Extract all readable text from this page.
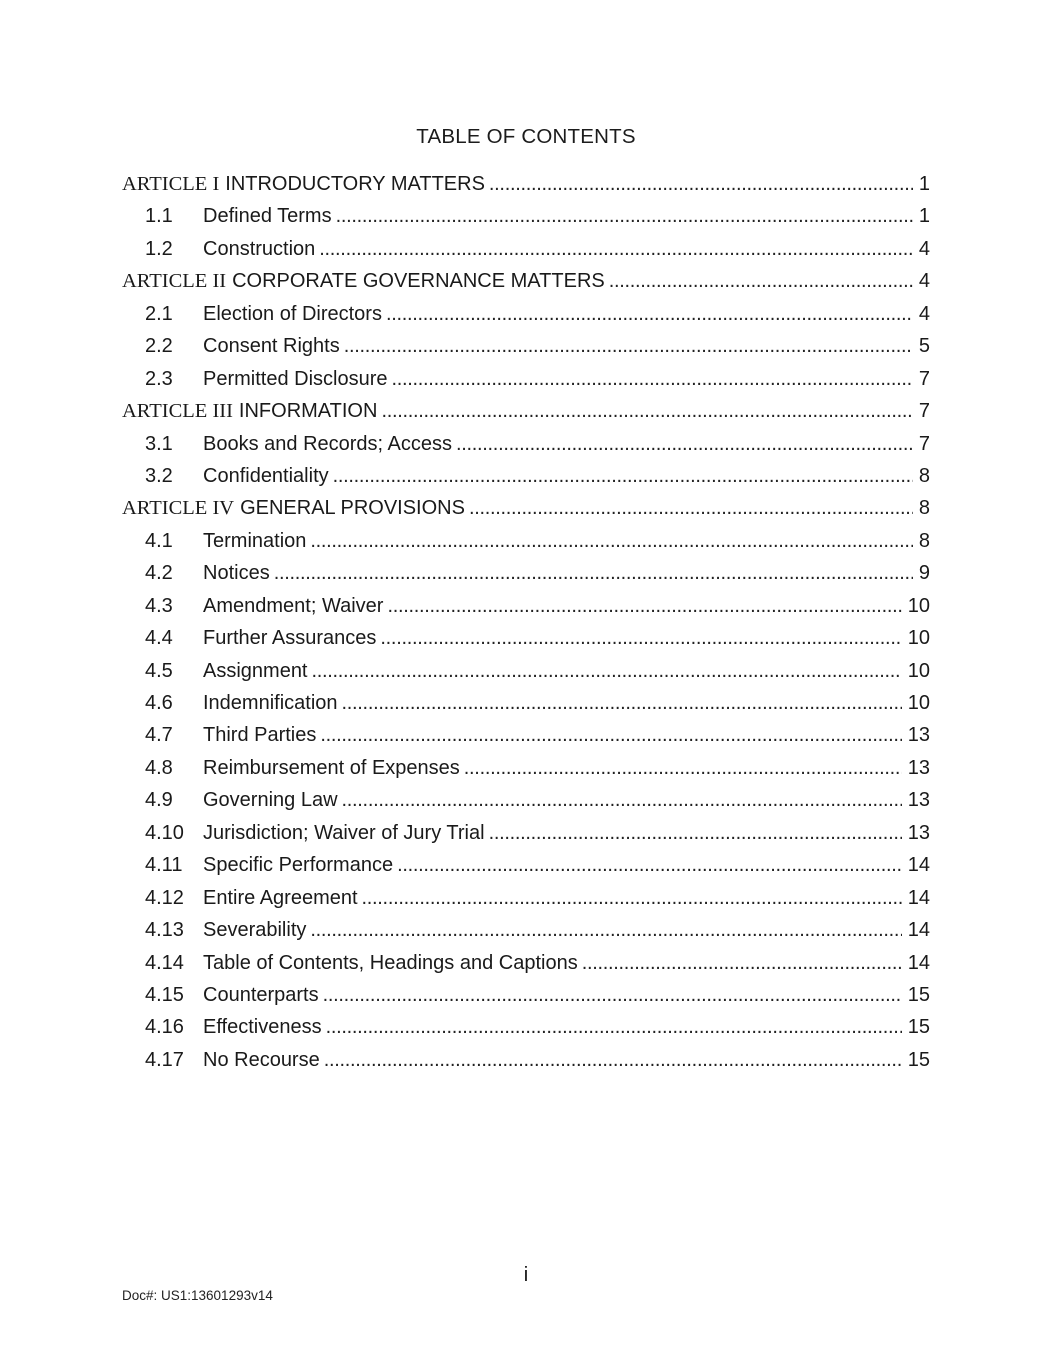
TABLE OF CONTENTS
ARTICLE I INTRODUCTORY MATTERS .....	1
1.1	Defined Terms .....	1
1.2	Construction .....	4
ARTICLE II CORPORATE GOVERNANCE MATTERS .....	4
2.1	Election of Directors .....	4
2.2	Consent Rights .....	5
2.3	Permitted Disclosure .....	7
ARTICLE III INFORMATION .....	7
3.1	Books and Records; Access .....	7
3.2	Confidentiality .....	8
ARTICLE IV GENERAL PROVISIONS .....	8
4.1	Termination .....	8
4.2	Notices .....	9
4.3	Amendment; Waiver .....	10
4.4	Further Assurances .....	10
4.5	Assignment .....	10
4.6	Indemnification .....	10
4.7	Third Parties .....	13
4.8	Reimbursement of Expenses .....	13
4.9	Governing Law .....	13
4.10 Jurisdiction; Waiver of Jury Trial .....	13
4.11	Specific Performance .....	14
4.12 Entire Agreement .....	14
4.13 Severability .....	14
4.14 Table of Contents, Headings and Captions .....	14
4.15 Counterparts .....	15
4.16 Effectiveness .....	15
4.17 No Recourse .....	15
i
Doc#: US1:13601293v14
